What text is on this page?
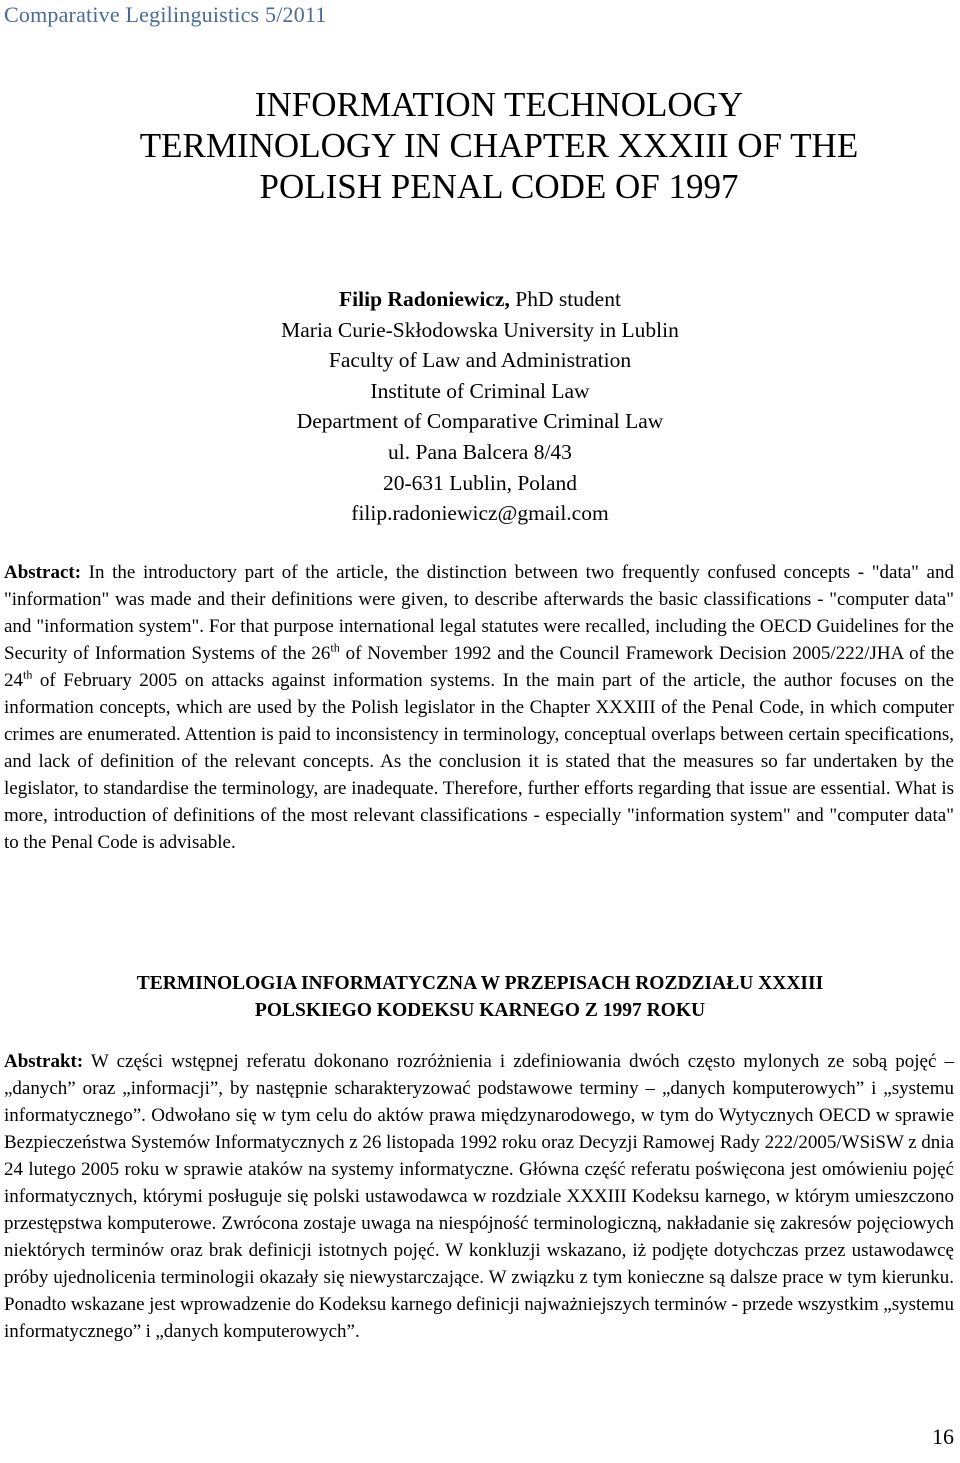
Comparative Legilinguistics 5/2011
INFORMATION TECHNOLOGY
TERMINOLOGY IN CHAPTER XXXIII OF THE
POLISH PENAL CODE OF 1997
Filip Radoniewicz, PhD student
Maria Curie-Skłodowska University in Lublin
Faculty of Law and Administration
Institute of Criminal Law
Department of Comparative Criminal Law
ul. Pana Balcera 8/43
20-631 Lublin, Poland
filip.radoniewicz@gmail.com
Abstract: In the introductory part of the article, the distinction between two frequently confused concepts - "data" and "information" was made and their definitions were given, to describe afterwards the basic classifications - "computer data" and "information system". For that purpose international legal statutes were recalled, including the OECD Guidelines for the Security of Information Systems of the 26th of November 1992 and the Council Framework Decision 2005/222/JHA of the 24th of February 2005 on attacks against information systems. In the main part of the article, the author focuses on the information concepts, which are used by the Polish legislator in the Chapter XXXIII of the Penal Code, in which computer crimes are enumerated. Attention is paid to inconsistency in terminology, conceptual overlaps between certain specifications, and lack of definition of the relevant concepts. As the conclusion it is stated that the measures so far undertaken by the legislator, to standardise the terminology, are inadequate. Therefore, further efforts regarding that issue are essential. What is more, introduction of definitions of the most relevant classifications - especially "information system" and "computer data" to the Penal Code is advisable.
TERMINOLOGIA INFORMATYCZNA W PRZEPISACH ROZDZIAŁU XXXIII
POLSKIEGO KODEKSU KARNEGO Z 1997 ROKU
Abstrakt: W części wstępnej referatu dokonano rozróżnienia i zdefiniowania dwóch często mylonych ze sobą pojęć – „danych” oraz „informacji”, by następnie scharakteryzować podstawowe terminy – „danych komputerowych” i „systemu informatycznego”. Odwołano się w tym celu do aktów prawa międzynarodowego, w tym do Wytycznych OECD w sprawie Bezpieczeństwa Systemów Informatycznych z 26 listopada 1992 roku oraz Decyzji Ramowej Rady 222/2005/WSiSW z dnia 24 lutego 2005 roku w sprawie ataków na systemy informatyczne. Główna część referatu poświęcona jest omówieniu pojęć informatycznych, którymi posługuje się polski ustawodawca w rozdziale XXXIII Kodeksu karnego, w którym umieszczono przestępstwa komputerowe. Zwrócona zostaje uwaga na niespójność terminologiczną, nakładanie się zakresów pojęciowych niektórych terminów oraz brak definicji istotnych pojęć. W konkluzji wskazano, iż podjęte dotychczas przez ustawodawcę próby ujednolicenia terminologii okazały się niewystarczające. W związku z tym konieczne są dalsze prace w tym kierunku. Ponadto wskazane jest wprowadzenie do Kodeksu karnego definicji najważniejszych terminów - przede wszystkim „systemu informatycznego” i „danych komputerowych”.
16
